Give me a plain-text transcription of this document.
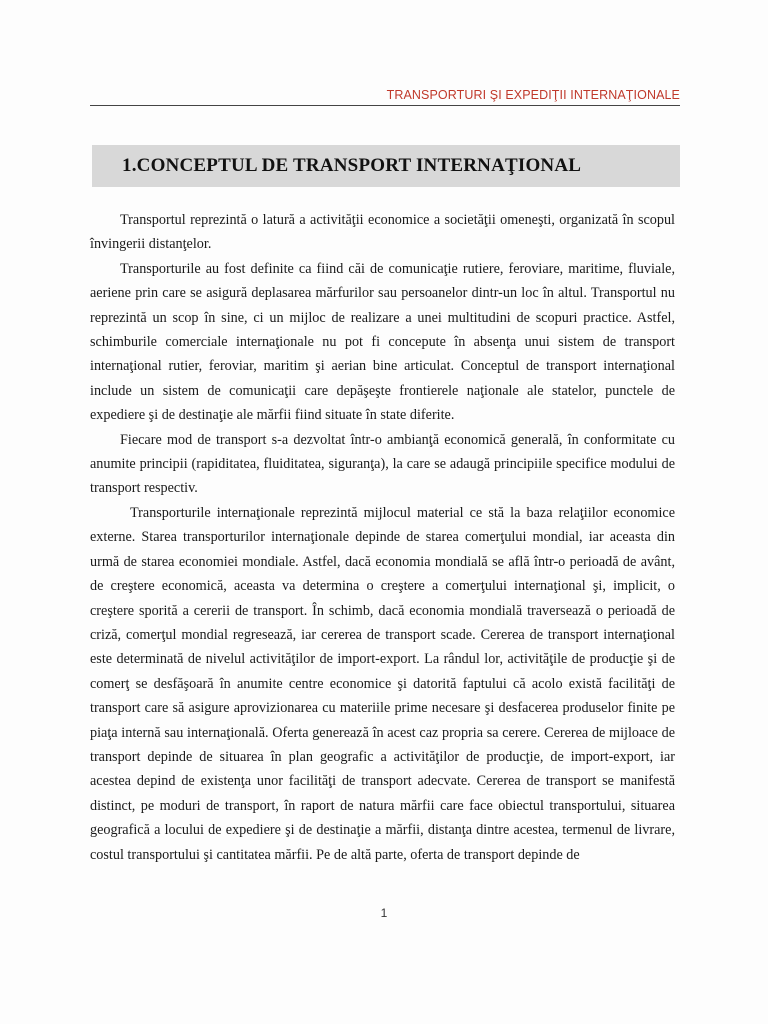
TRANSPORTURI ŞI EXPEDIŢII INTERNAŢIONALE
1.CONCEPTUL DE TRANSPORT INTERNAŢIONAL

Transportul reprezintă o latură a activităţii economice a societăţii omeneşti, organizată în scopul învingerii distanţelor.

Transporturile au fost definite ca fiind căi de comunicaţie rutiere, feroviare, maritime, fluviale, aeriene prin care se asigură deplasarea mărfurilor sau persoanelor dintr-un loc în altul. Transportul nu reprezintă un scop în sine, ci un mijloc de realizare a unei multitudini de scopuri practice. Astfel, schimburile comerciale internaţionale nu pot fi concepute în absenţa unui sistem de transport internaţional rutier, feroviar, maritim şi aerian bine articulat. Conceptul de transport internaţional include un sistem de comunicaţii care depăşeşte frontierele naţionale ale statelor, punctele de expediere şi de destinaţie ale mărfii fiind situate în state diferite.

Fiecare mod de transport s-a dezvoltat într-o ambianţă economică generală, în conformitate cu anumite principii (rapiditatea, fluiditatea, siguranţa), la care se adaugă principiile specifice modului de transport respectiv.

Transporturile internaţionale reprezintă mijlocul material ce stă la baza relaţiilor economice externe. Starea transporturilor internaţionale depinde de starea comerţului mondial, iar aceasta din urmă de starea economiei mondiale. Astfel, dacă economia mondială se află într-o perioadă de avânt, de creştere economică, aceasta va determina o creştere a comerţului internaţional şi, implicit, o creştere sporită a cererii de transport. În schimb, dacă economia mondială traversează o perioadă de criză, comerţul mondial regresează, iar cererea de transport scade. Cererea de transport internaţional este determinată de nivelul activităţilor de import-export. La rândul lor, activităţile de producţie şi de comerţ se desfăşoară în anumite centre economice şi datorită faptului că acolo există facilităţi de transport care să asigure aprovizionarea cu materiile prime necesare şi desfacerea produselor finite pe piaţa internă sau internaţională. Oferta generează în acest caz propria sa cerere. Cererea de mijloace de transport depinde de situarea în plan geografic a activităţilor de producţie, de import-export, iar acestea depind de existenţa unor facilităţi de transport adecvate. Cererea de transport se manifestă distinct, pe moduri de transport, în raport de natura mărfii care face obiectul transportului, situarea geografică a locului de expediere şi de destinaţie a mărfii, distanţa dintre acestea, termenul de livrare, costul transportului şi cantitatea mărfii. Pe de altă parte, oferta de transport depinde de

1
